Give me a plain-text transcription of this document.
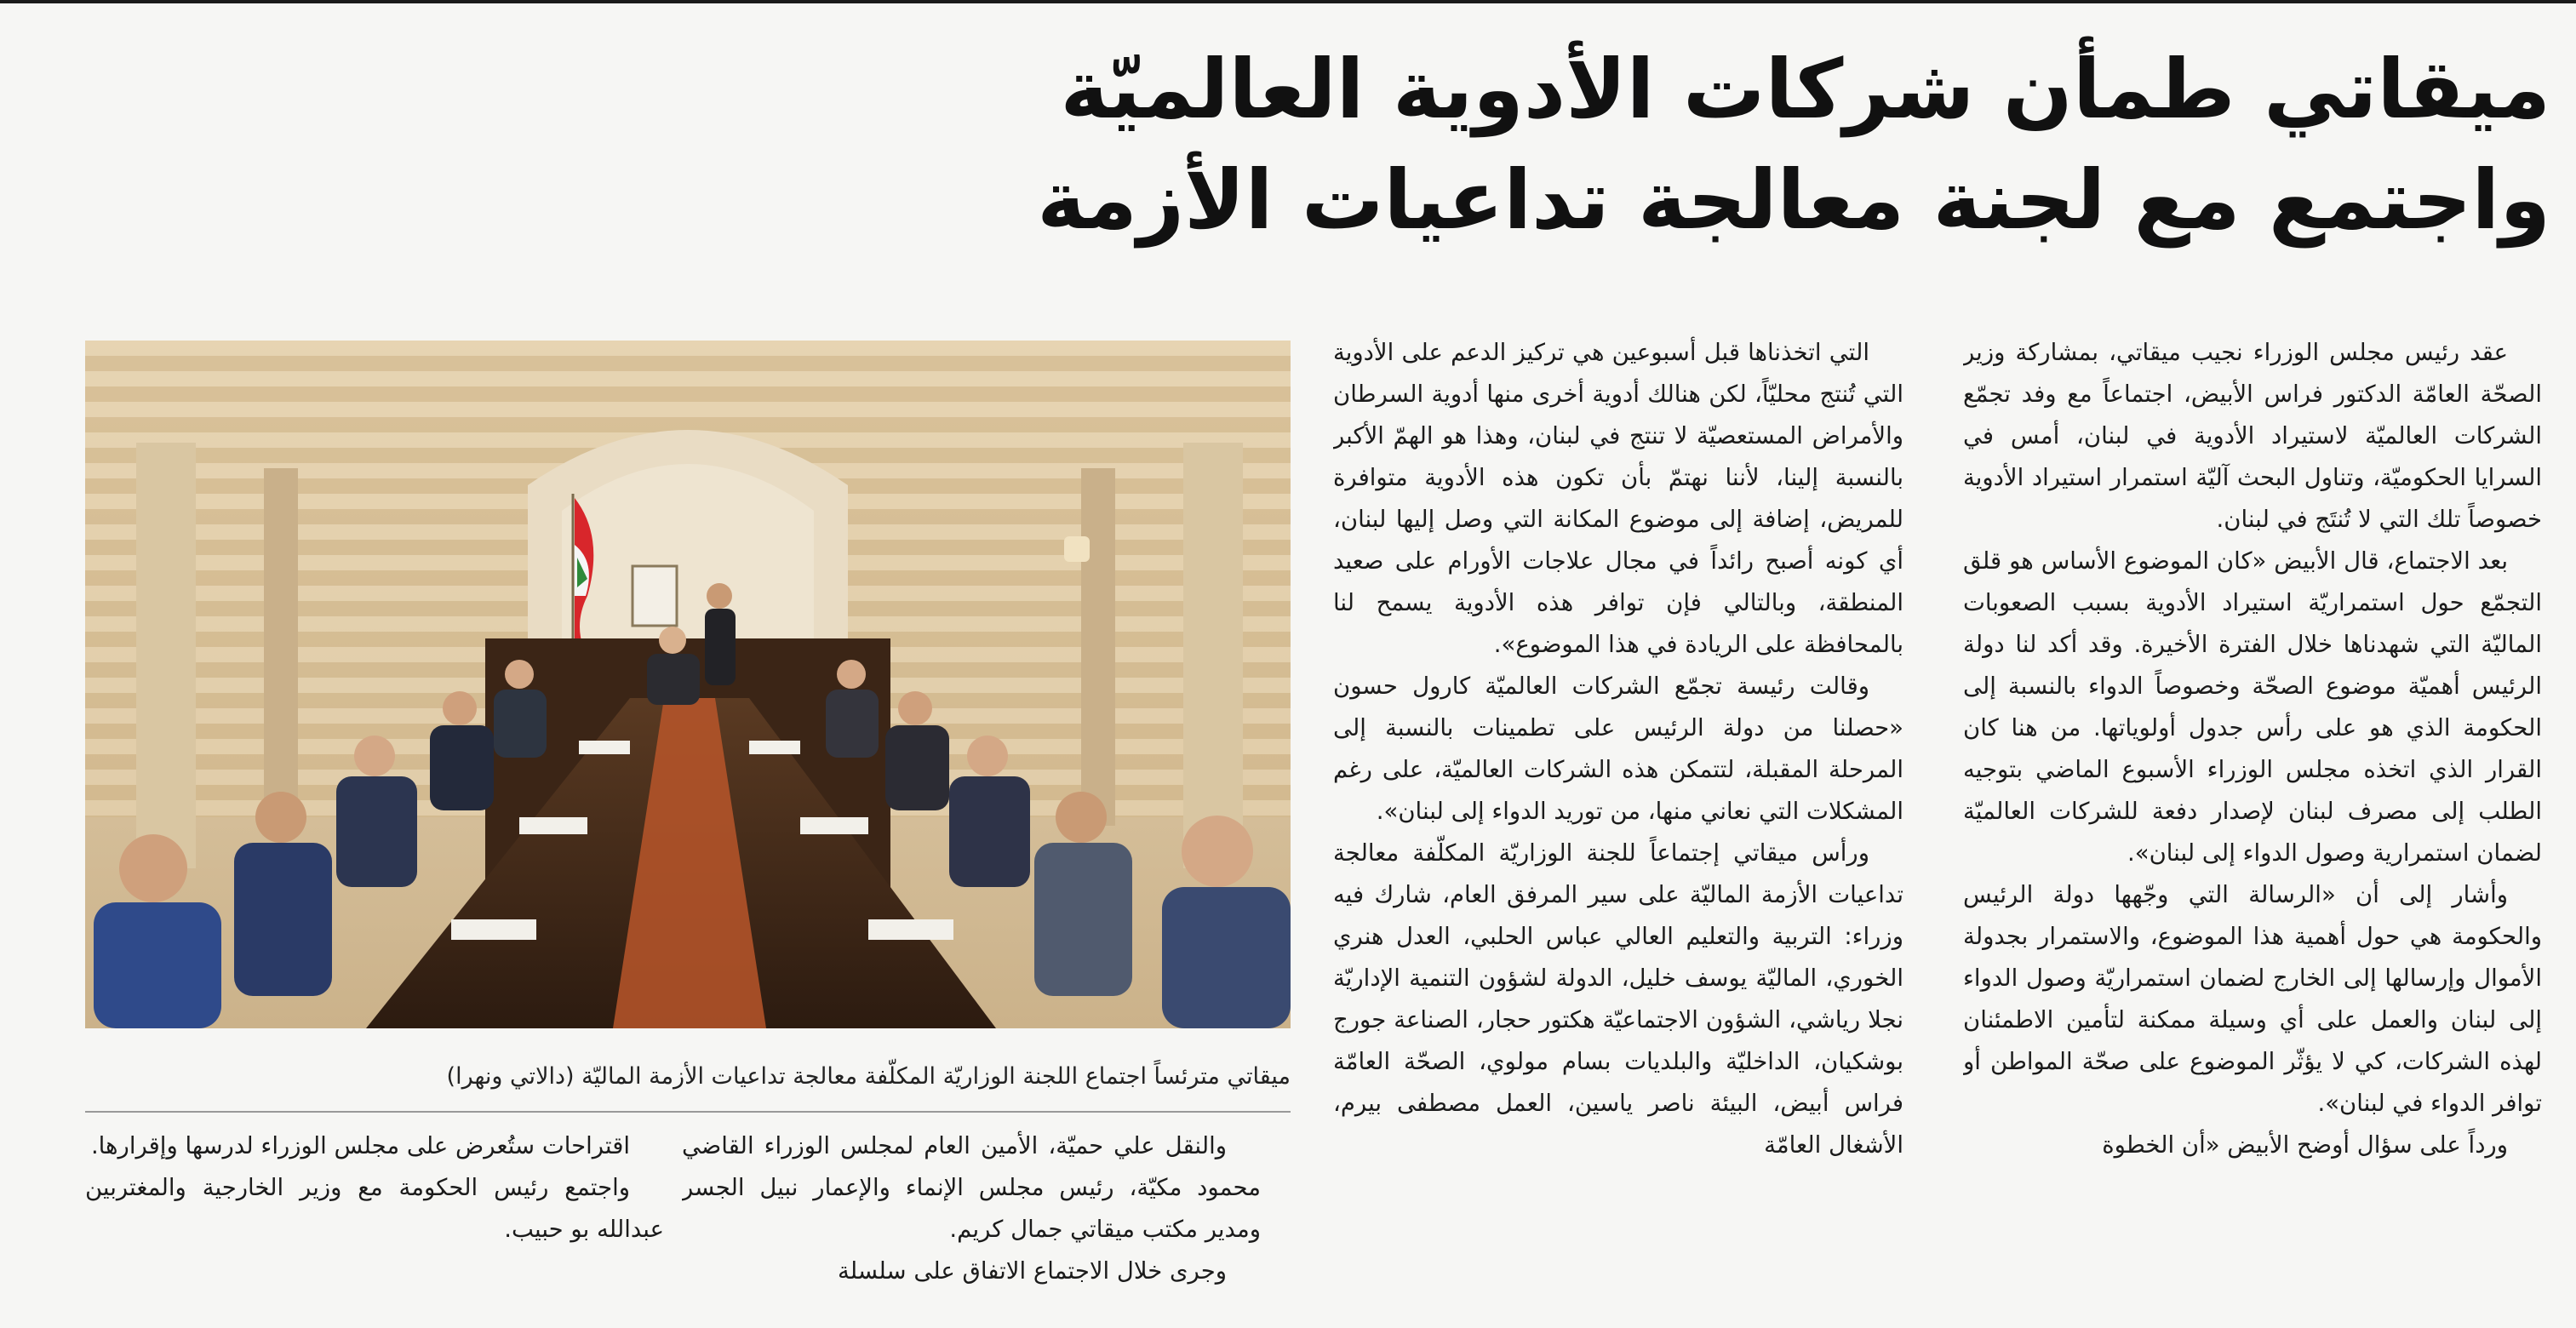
ميقاتي طمأن شركات الأدوية العالميّة
واجتمع مع لجنة معالجة تداعيات الأزمة

عقد رئيس مجلس الوزراء نجيب ميقاتي، بمشاركة وزير الصحّة العامّة الدكتور فراس الأبيض، اجتماعاً مع وفد تجمّع الشركات العالميّة لاستيراد الأدوية في لبنان، أمس في السرايا الحكوميّة، وتناول البحث آليّة استمرار استيراد الأدوية خصوصاً تلك التي لا تُنتَج في لبنان.

بعد الاجتماع، قال الأبيض «كان الموضوع الأساس هو قلق التجمّع حول استمراريّة استيراد الأدوية بسبب الصعوبات الماليّة التي شهدناها خلال الفترة الأخيرة. وقد أكد لنا دولة الرئيس أهميّة موضوع الصحّة وخصوصاً الدواء بالنسبة إلى الحكومة الذي هو على رأس جدول أولوياتها. من هنا كان القرار الذي اتخذه مجلس الوزراء الأسبوع الماضي بتوجيه الطلب إلى مصرف لبنان لإصدار دفعة للشركات العالميّة لضمان استمرارية وصول الدواء إلى لبنان».

وأشار إلى أن «الرسالة التي وجّهها دولة الرئيس والحكومة هي حول أهمية هذا الموضوع، والاستمرار بجدولة الأموال وإرسالها إلى الخارج لضمان استمراريّة وصول الدواء إلى لبنان والعمل على أي وسيلة ممكنة لتأمين الاطمئنان لهذه الشركات، كي لا يؤثّر الموضوع على صحّة المواطن أو توافر الدواء في لبنان».

ورداً على سؤال أوضح الأبيض «أن الخطوة

التي اتخذناها قبل أسبوعين هي تركيز الدعم على الأدوية التي تُنتج محليّاً، لكن هنالك أدوية أخرى منها أدوية السرطان والأمراض المستعصيّة لا تنتج في لبنان، وهذا هو الهمّ الأكبر بالنسبة إلينا، لأننا نهتمّ بأن تكون هذه الأدوية متوافرة للمريض، إضافة إلى موضوع المكانة التي وصل إليها لبنان، أي كونه أصبح رائداً في مجال علاجات الأورام على صعيد المنطقة، وبالتالي فإن توافر هذه الأدوية يسمح لنا بالمحافظة على الريادة في هذا الموضوع».

وقالت رئيسة تجمّع الشركات العالميّة كارول حسون «حصلنا من دولة الرئيس على تطمينات بالنسبة إلى المرحلة المقبلة، لتتمكن هذه الشركات العالميّة، على رغم المشكلات التي نعاني منها، من توريد الدواء إلى لبنان».

ورأس ميقاتي إجتماعاً للجنة الوزاريّة المكلّفة معالجة تداعيات الأزمة الماليّة على سير المرفق العام، شارك فيه وزراء: التربية والتعليم العالي عباس الحلبي، العدل هنري الخوري، الماليّة يوسف خليل، الدولة لشؤون التنمية الإداريّة نجلا رياشي، الشؤون الاجتماعيّة هكتور حجار، الصناعة جورج بوشكيان، الداخليّة والبلديات بسام مولوي، الصحّة العامّة فراس أبيض، البيئة ناصر ياسين، العمل مصطفى بيرم، الأشغال العامّة

ميقاتي مترئساً اجتماع اللجنة الوزاريّة المكلّفة معالجة تداعيات الأزمة الماليّة (دالاتي ونهرا)

والنقل علي حميّة، الأمين العام لمجلس الوزراء القاضي محمود مكيّة، رئيس مجلس الإنماء والإعمار نبيل الجسر ومدير مكتب ميقاتي جمال كريم.

وجرى خلال الاجتماع الاتفاق على سلسلة

اقتراحات ستُعرض على مجلس الوزراء لدرسها وإقرارها.

واجتمع رئيس الحكومة مع وزير الخارجية والمغتربين عبدالله بو حبيب.
